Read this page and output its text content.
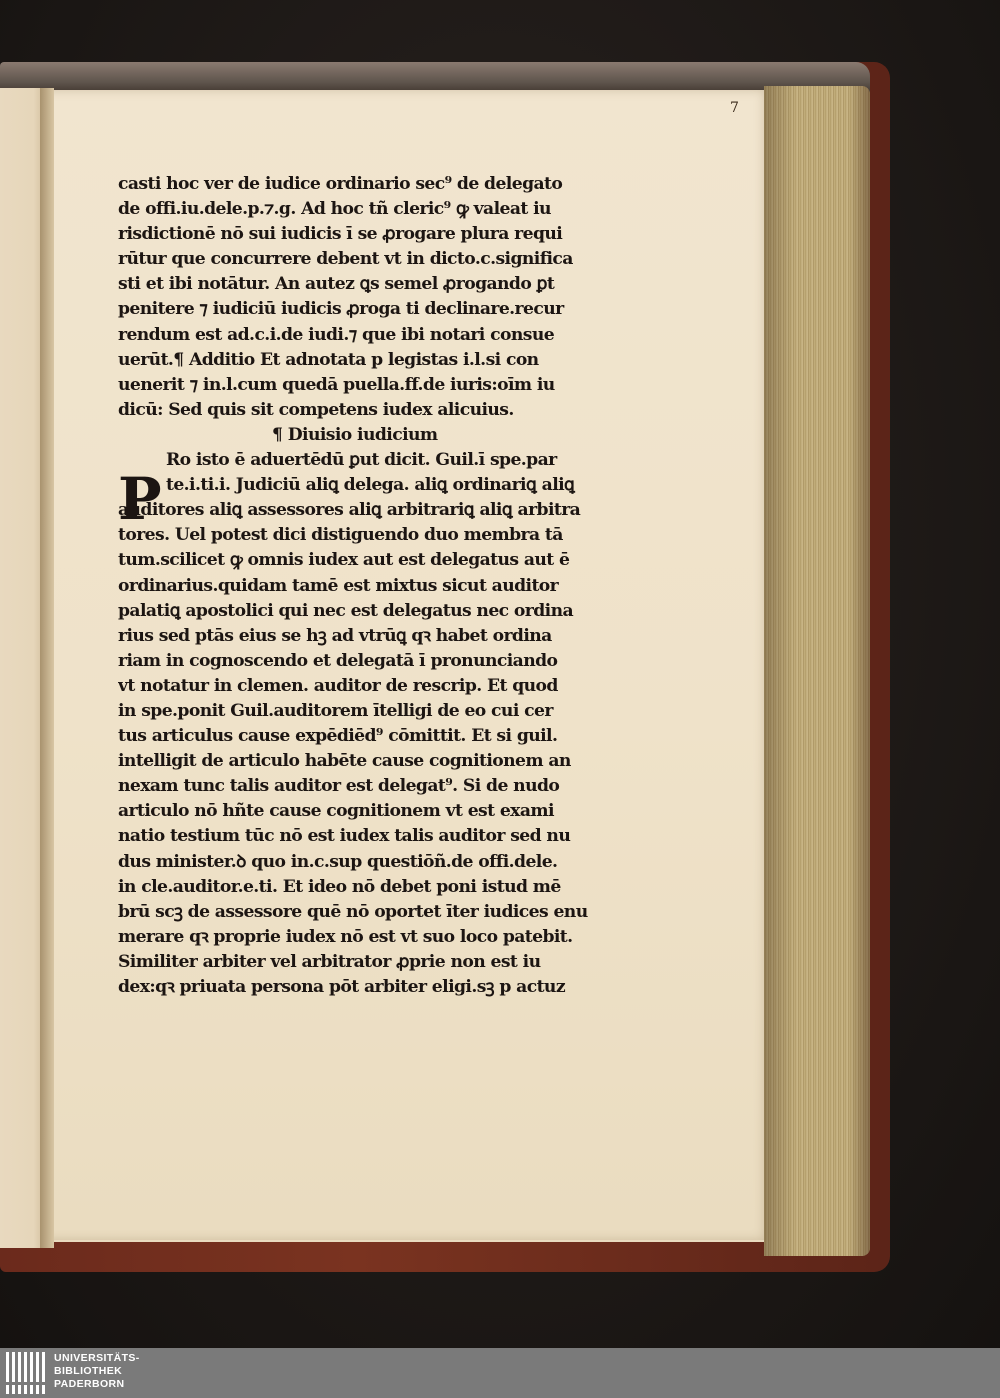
7
P
casti hoc ver de iudice ordinario sec⁹ de delegato
de offi.iu.dele.p.⁊.g. Ad hoc tñ cleric⁹ ꝙ valeat iu
risdictionē nō sui iudicis ī se ꝓrogare plura requi
rūtur que concurrere debent vt in dicto.c.significa
sti et ibi notātur. An autez ꝗs semel ꝓrogando ꝑt
penitere ⁊ iudiciū iudicis ꝓroga ti declinare.recur
rendum est ad.c.i.de iudi.⁊ que ibi notari consue
uerūt.¶ Additio Et adnotata p legistas i.l.si con
uenerit ⁊ in.l.cum quedā puella.ff.de iuris:oīm iu
dicū: Sed quis sit competens iudex alicuius.
¶ Diuisio iudicium
Ro isto ē aduertēdū ꝑut dicit. Guil.ī spe.par
te.i.ti.i. Judiciū aliꝗ delega. aliꝗ ordinariꝗ aliꝗ
auditores aliꝗ assessores aliꝗ arbitrariꝗ aliꝗ arbitra
tores. Uel potest dici distiguendo duo membra tā
tum.scilicet ꝙ omnis iudex aut est delegatus aut ē
ordinarius.quidam tamē est mixtus sicut auditor
palatiꝗ apostolici qui nec est delegatus nec ordina
rius sed ptās eius se hꝫ ad vtrūꝗ qꝛ habet ordina
riam in cognoscendo et delegatā ī pronunciando
vt notatur in clemen. auditor de rescrip. Et quod
in spe.ponit Guil.auditorem ītelligi de eo cui cer
tus articulus cause expēdiēd⁹ cōmittit. Et si guil.
intelligit de articulo habēte cause cognitionem an
nexam tunc talis auditor est delegat⁹. Si de nudo
articulo nō hñte cause cognitionem vt est exami
natio testium tūc nō est iudex talis auditor sed nu
dus minister.ꝺ quo in.c.sup questiōñ.de offi.dele.
in cle.auditor.e.ti. Et ideo nō debet poni istud mē
brū scꝫ de assessore quē nō oportet īter iudices enu
merare qꝛ proprie iudex nō est vt suo loco patebit.
Similiter arbiter vel arbitrator ꝓprie non est iu
dex:qꝛ priuata persona pōt arbiter eligi.sꝫ p actuz
UNIVERSITÄTS-
BIBLIOTHEK
PADERBORN
